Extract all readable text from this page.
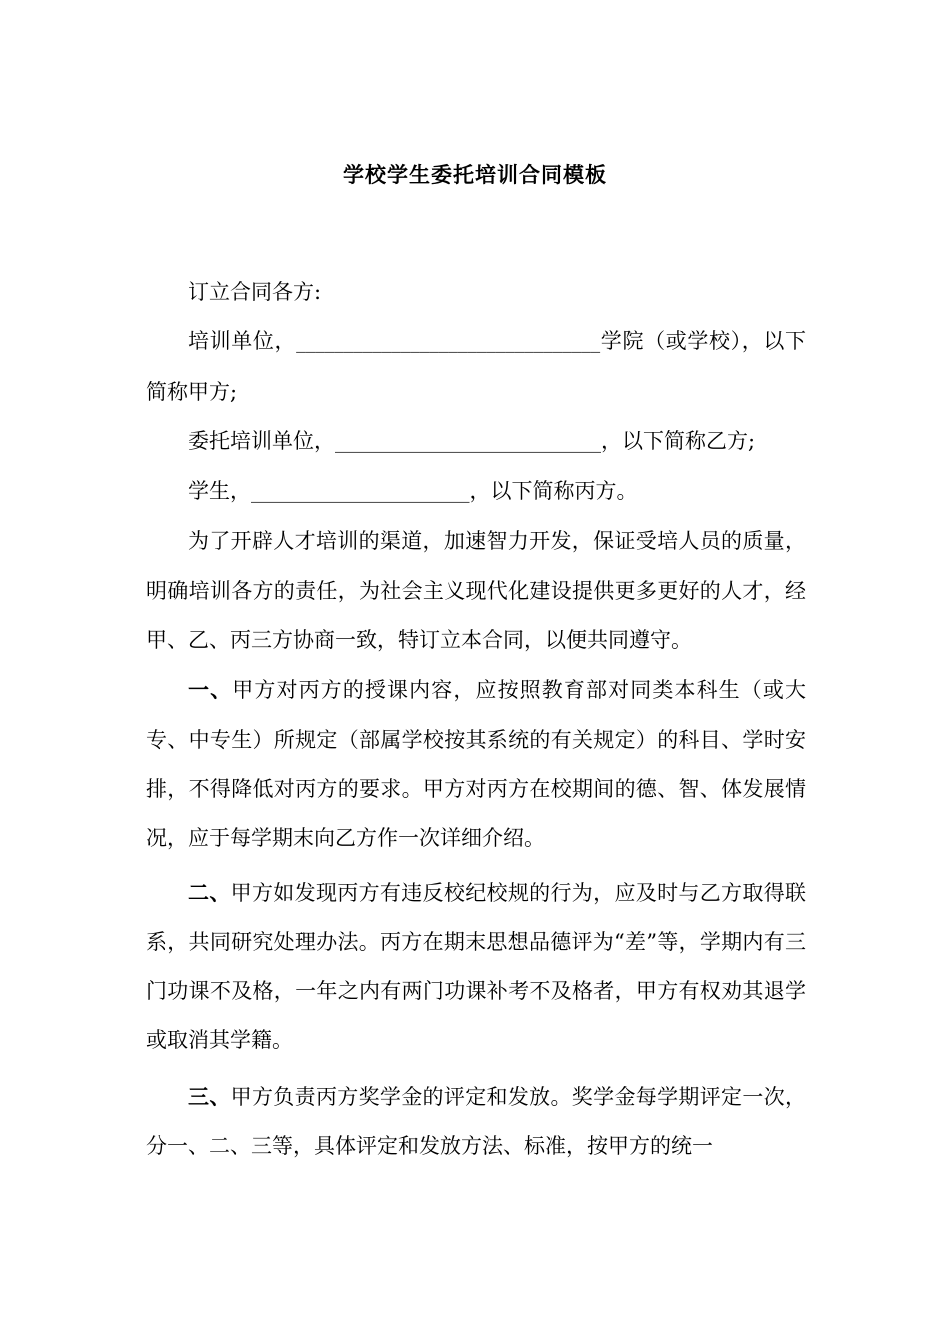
学校学生委托培训合同模板

订立合同各方:

培训单位，________________________________学院（或学校），以下简称甲方;

委托培训单位，____________________________，以下简称乙方;

学生，_______________________，以下简称丙方。

为了开辟人才培训的渠道，加速智力开发，保证受培人员的质量，明确培训各方的责任，为社会主义现代化建设提供更多更好的人才，经甲、乙、丙三方协商一致，特订立本合同，以便共同遵守。

一、甲方对丙方的授课内容，应按照教育部对同类本科生（或大专、中专生）所规定（部属学校按其系统的有关规定）的科目、学时安排，不得降低对丙方的要求。甲方对丙方在校期间的德、智、体发展情况，应于每学期末向乙方作一次详细介绍。

二、甲方如发现丙方有违反校纪校规的行为，应及时与乙方取得联系，共同研究处理办法。丙方在期末思想品德评为“差”等，学期内有三门功课不及格，一年之内有两门功课补考不及格者，甲方有权劝其退学或取消其学籍。

三、甲方负责丙方奖学金的评定和发放。奖学金每学期评定一次，分一、二、三等，具体评定和发放方法、标准，按甲方的统一
